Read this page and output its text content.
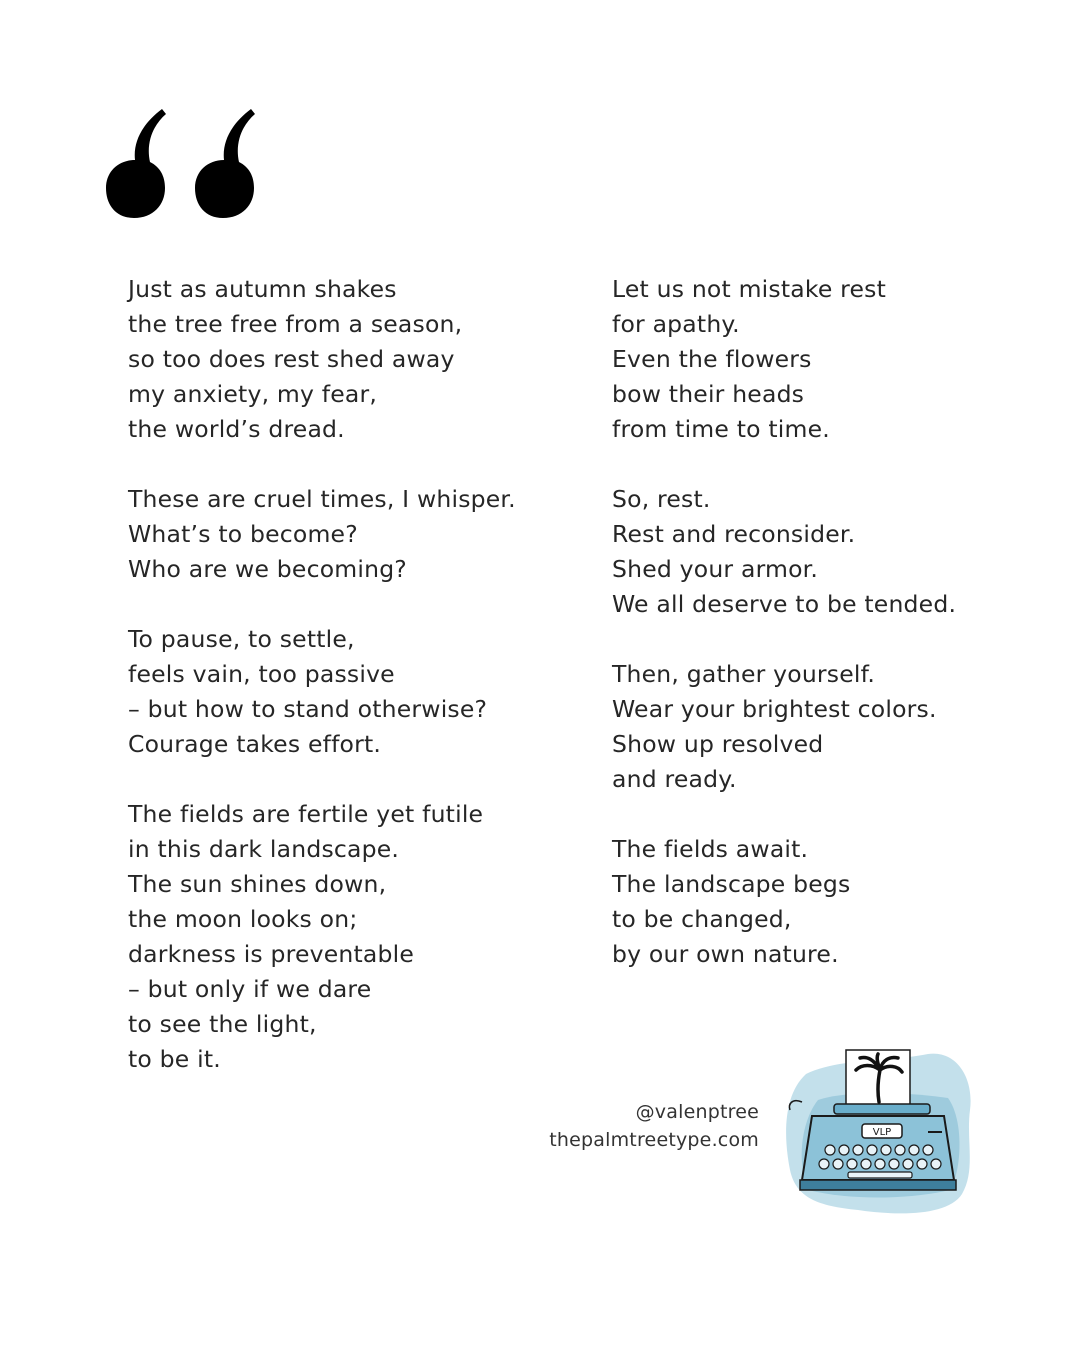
Just as autumn shakes
the tree free from a season,
so too does rest shed away
my anxiety, my fear,
the world’s dread.
These are cruel times, I whisper.
What’s to become?
Who are we becoming?
To pause, to settle,
feels vain, too passive
– but how to stand otherwise?
Courage takes effort.
The fields are fertile yet futile
in this dark landscape.
The sun shines down,
the moon looks on;
darkness is preventable
– but only if we dare
to see the light,
to be it.
Let us not mistake rest
for apathy.
Even the flowers
bow their heads
from time to time.
So, rest.
Rest and reconsider.
Shed your armor.
We all deserve to be tended.
Then, gather yourself.
Wear your brightest colors.
Show up resolved
and ready.
The fields await.
The landscape begs
to be changed,
by our own nature.
@valenptree
thepalmtreetype.com	VLP
